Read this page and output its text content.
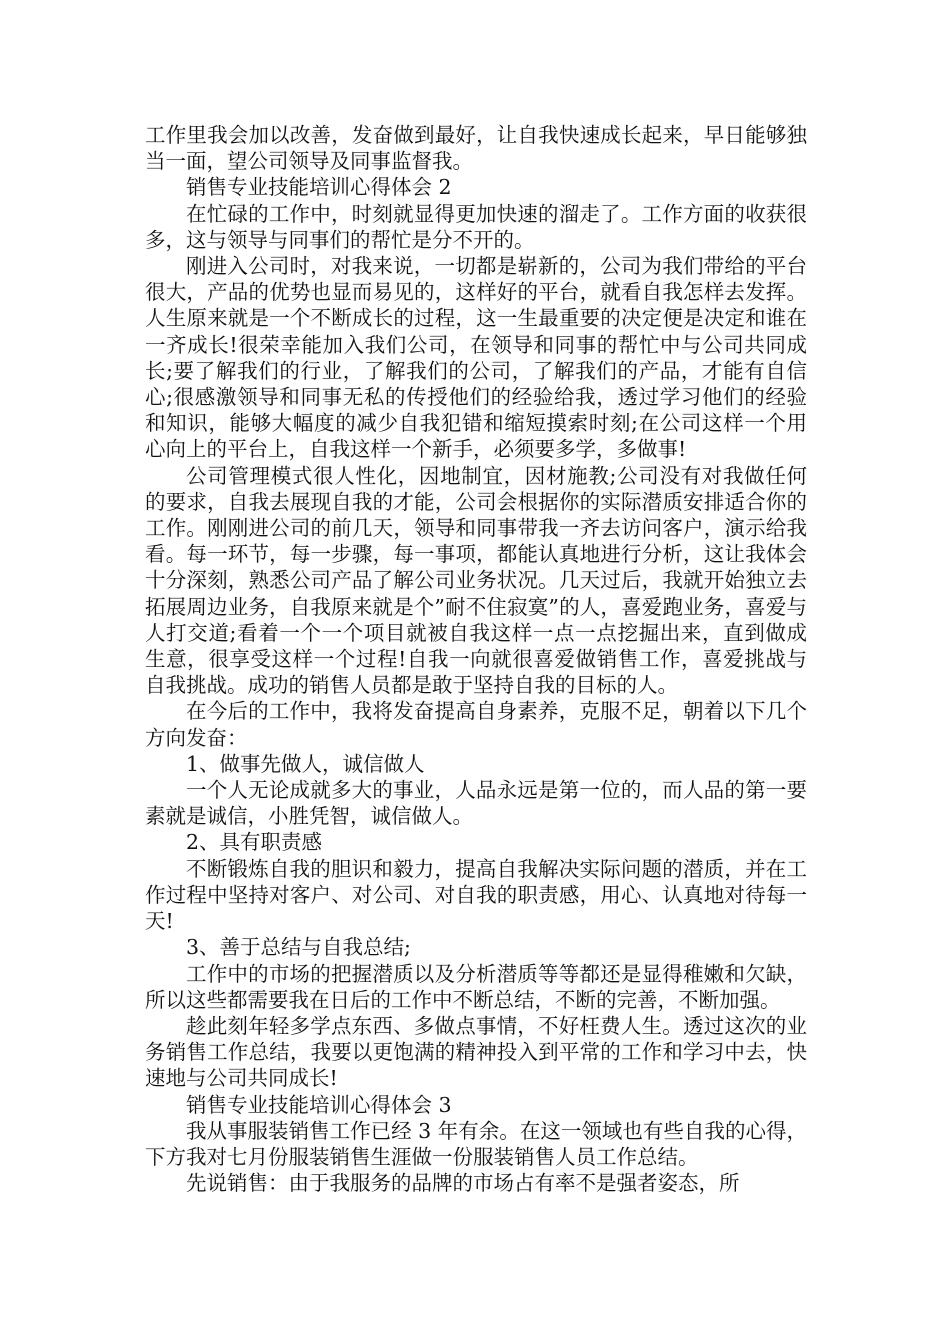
工作里我会加以改善，发奋做到最好，让自我快速成长起来，早日能够独当一面，望公司领导及同事监督我。

销售专业技能培训心得体会 2

在忙碌的工作中，时刻就显得更加快速的溜走了。工作方面的收获很多，这与领导与同事们的帮忙是分不开的。

刚进入公司时，对我来说，一切都是崭新的，公司为我们带给的平台很大，产品的优势也显而易见的，这样好的平台，就看自我怎样去发挥。人生原来就是一个不断成长的过程，这一生最重要的决定便是决定和谁在一齐成长!很荣幸能加入我们公司，在领导和同事的帮忙中与公司共同成长;要了解我们的行业，了解我们的公司，了解我们的产品，才能有自信心;很感激领导和同事无私的传授他们的经验给我，透过学习他们的经验和知识，能够大幅度的减少自我犯错和缩短摸索时刻;在公司这样一个用心向上的平台上，自我这样一个新手，必须要多学，多做事!

公司管理模式很人性化，因地制宜，因材施教;公司没有对我做任何的要求，自我去展现自我的才能，公司会根据你的实际潜质安排适合你的工作。刚刚进公司的前几天，领导和同事带我一齐去访问客户，演示给我看。每一环节，每一步骤，每一事项，都能认真地进行分析，这让我体会十分深刻，熟悉公司产品了解公司业务状况。几天过后，我就开始独立去拓展周边业务，自我原来就是个”耐不住寂寞”的人，喜爱跑业务，喜爱与人打交道;看着一个一个项目就被自我这样一点一点挖掘出来，直到做成生意，很享受这样一个过程!自我一向就很喜爱做销售工作，喜爱挑战与自我挑战。成功的销售人员都是敢于坚持自我的目标的人。

在今后的工作中，我将发奋提高自身素养，克服不足，朝着以下几个方向发奋：

1、做事先做人，诚信做人

一个人无论成就多大的事业，人品永远是第一位的，而人品的第一要素就是诚信，小胜凭智，诚信做人。

2、具有职责感

不断锻炼自我的胆识和毅力，提高自我解决实际问题的潜质，并在工作过程中坚持对客户、对公司、对自我的职责感，用心、认真地对待每一天!

3、善于总结与自我总结;

工作中的市场的把握潜质以及分析潜质等等都还是显得稚嫩和欠缺，所以这些都需要我在日后的工作中不断总结，不断的完善，不断加强。

趁此刻年轻多学点东西、多做点事情，不好枉费人生。透过这次的业务销售工作总结，我要以更饱满的精神投入到平常的工作和学习中去，快速地与公司共同成长!

销售专业技能培训心得体会 3

我从事服装销售工作已经 3 年有余。在这一领域也有些自我的心得，下方我对七月份服装销售生涯做一份服装销售人员工作总结。

先说销售：由于我服务的品牌的市场占有率不是强者姿态，所
